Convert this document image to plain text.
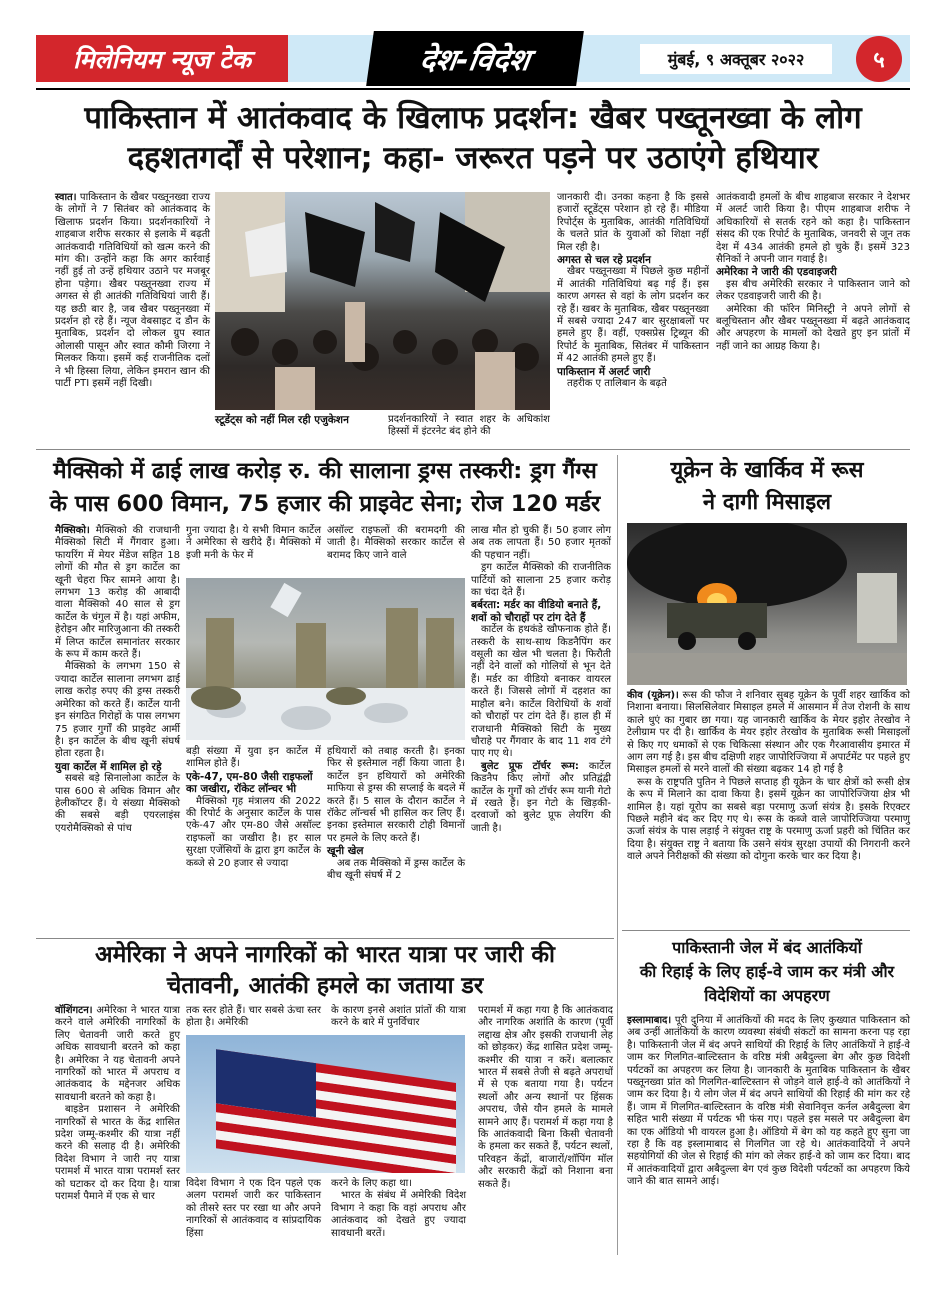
मिलेनियम न्यूज टेक	देश-विदेश	मुंबई, ९ अक्तूबर २०२२	५
पाकिस्तान में आतंकवाद के खिलाफ प्रदर्शन: खैबर पख्तूनख्वा के लोग
दहशतगर्दों से परेशान; कहा- जरूरत पड़ने पर उठाएंगे हथियार

स्वात। पाकिस्तान के खैबर पख्तूनख्वा राज्य के लोगों ने 7 सितंबर को आतंकवाद के खिलाफ प्रदर्शन किया। प्रदर्शनकारियों ने शाहबाज शरीफ सरकार से इलाके में बढ़ती आतंकवादी गतिविधियों को खत्म करने की मांग की। उन्होंने कहा कि अगर कार्रवाई नहीं हुई तो उन्हें हथियार उठाने पर मजबूर होना पड़ेगा। खैबर पख्तूनख्वा राज्य में अगस्त से ही आतंकी गतिविधियां जारी हैं। यह छठी बार है, जब खैबर पख्तूनख्वा में प्रदर्शन हो रहे हैं। न्यूज वेबसाइट द डौन के मुताबिक, प्रदर्शन दो लोकल ग्रुप स्वात ओलासी पासून और स्वात कौमी जिरगा ने मिलकर किया। इसमें कई राजनीतिक दलों ने भी हिस्सा लिया, लेकिन इमरान खान की पार्टी PTI इसमें नहीं दिखी।

स्टूडेंट्स को नहीं मिल रही एजुकेशन	प्रदर्शनकारियों ने स्वात शहर के अधिकांश हिस्सों में इंटरनेट बंद होने की

जानकारी दी। उनका कहना है कि इससे हजारों स्टूडेंट्स परेशान हो रहे हैं। मीडिया रिपोर्ट्स के मुताबिक, आतंकी गतिविधियों के चलते प्रांत के युवाओं को शिक्षा नहीं मिल रही है।

अगस्त से चल रहे प्रदर्शन

खैबर पख्तूनख्वा में पिछले कुछ महीनों में आतंकी गतिविधियां बढ़ गई हैं। इस कारण अगस्त से वहां के लोग प्रदर्शन कर रहे हैं। खबर के मुताबिक, खैबर पख्तूनख्वा में सबसे ज्यादा 247 बार सुरक्षाबलों पर हमले हुए हैं। वहीं, एक्सप्रेस ट्रिब्यून की रिपोर्ट के मुताबिक, सितंबर में पाकिस्तान में 42 आतंकी हमले हुए हैं।

पाकिस्तान में अलर्ट जारी

तहरीक ए तालिबान के बढ़ते

आतंकवादी हमलों के बीच शाहबाज सरकार ने देशभर में अलर्ट जारी किया है। पीएम शाहबाज शरीफ ने अधिकारियों से सतर्क रहने को कहा है। पाकिस्तान संसद की एक रिपोर्ट के मुताबिक, जनवरी से जून तक देश में 434 आतंकी हमले हो चुके हैं। इसमें 323 सैनिकों ने अपनी जान गवाई है।

अमेरिका ने जारी की एडवाइजरी

इस बीच अमेरिकी सरकार ने पाकिस्तान जाने को लेकर एडवाइजरी जारी की है।

अमेरिका की फॉरेन मिनिस्ट्री ने अपने लोगों से बलूचिस्तान और खैबर पख्तूनख्वा में बढ़ते आतंकवाद और अपहरण के मामलों को देखते हुए इन प्रांतों में नहीं जाने का आग्रह किया है।

मैक्सिको में ढाई लाख करोड़ रु. की सालाना ड्रग्स तस्करी: ड्रग गैंग्स
के पास 600 विमान, 75 हजार की प्राइवेट सेना; रोज 120 मर्डर

मैक्सिको। मैक्सिको की राजधानी मैक्सिको सिटी में गैंगवार हुआ। फायरिंग में मेयर मेंडेज सहित 18 लोगों की मौत से ड्रग कार्टेल का खूनी चेहरा फिर सामने आया है। लगभग 13 करोड़ की आबादी वाला मैक्सिको 40 साल से ड्रग कार्टेल के चंगुल में है। यहां अफीम, हेरोइन और मारिजुआना की तस्करी में लिप्त कार्टेल समानांतर सरकार के रूप में काम करते हैं।

मैक्सिको के लगभग 150 से ज्यादा कार्टेल सालाना लगभग ढाई लाख करोड़ रुपए की ड्रग्स तस्करी अमेरिका को करते हैं। कार्टेल यानी इन संगठित गिरोहों के पास लगभग 75 हजार गुर्गों की प्राइवेट आर्मी है। इन कार्टेल के बीच खूनी संघर्ष होता रहता है।

युवा कार्टेल में शामिल हो रहे

सबसे बड़े सिनालोआ कार्टेल के पास 600 से अधिक विमान और हेलीकॉप्टर हैं। ये संख्या मैक्सिको की सबसे बड़ी एयरलाइंस एयरोमैक्सिको से पांच

गुना ज्यादा है। ये सभी विमान कार्टेल ने अमेरिका से खरीदे हैं। मैक्सिको में इजी मनी के फेर में

असॉल्ट राइफलों की बरामदगी की जाती है। मैक्सिको सरकार कार्टेल से बरामद किए जाने वाले

बड़ी संख्या में युवा इन कार्टेल में शामिल होते हैं।

एके-47, एम-80 जैसी राइफलों का जखीरा, रॉकेट लॉन्चर भी

मैक्सिको गृह मंत्रालय की 2022 की रिपोर्ट के अनुसार कार्टेल के पास एके-47 और एम-80 जैसे असॉल्ट राइफलों का जखीरा है। हर साल सुरक्षा एजेंसियों के द्वारा ड्रग कार्टेल के कब्जे से 20 हजार से ज्यादा

हथियारों को तबाह करती है। इनका फिर से इस्तेमाल नहीं किया जाता है। कार्टेल इन हथियारों को अमेरिकी माफिया से ड्रग्स की सप्लाई के बदले में करते हैं। 5 साल के दौरान कार्टेल ने रॉकेट लॉन्चर्स भी हासिल कर लिए हैं। इनका इस्तेमाल सरकारी टोही विमानों पर हमले के लिए करते हैं।

खूनी खेल

अब तक मैक्सिको में ड्रग्स कार्टेल के बीच खूनी संघर्ष में 2

लाख मौत हो चुकी हैं। 50 हजार लोग अब तक लापता हैं। 50 हजार मृतकों की पहचान नहीं।

ड्रग कार्टेल मैक्सिको की राजनीतिक पार्टियों को सालाना 25 हजार करोड़ का चंदा देते हैं।

बर्बरता: मर्डर का वीडियो बनाते हैं, शवों को चौराहों पर टांग देते हैं

कार्टेल के हथकंडे खौफनाक होते हैं। तस्करी के साथ-साथ किडनैपिंग कर वसूली का खेल भी चलता है। फिरौती नहीं देने वालों को गोलियों से भून देते हैं। मर्डर का वीडियो बनाकर वायरल करते हैं। जिससे लोगों में दहशत का माहौल बने। कार्टेल विरोधियों के शवों को चौराहों पर टांग देते हैं। हाल ही में राजधानी मैक्सिको सिटी के मुख्य चौराहे पर गैंगवार के बाद 11 शव टंगे पाए गए थे।

बुलेट प्रूफ टॉर्चर रूम: कार्टेल किडनैप किए लोगों और प्रतिद्वंद्वी कार्टेल के गुर्गों को टॉर्चर रूम यानी गेटो में रखते हैं। इन गेटो के खिड़की-दरवाजों को बुलेट प्रूफ लेयरिंग की जाती है।

यूक्रेन के खार्किव में रूस
ने दागी मिसाइल

कीव (यूक्रेन)। रूस की फौज ने शनिवार सुबह यूक्रेन के पूर्वी शहर खार्किव को निशाना बनाया। सिलसिलेवार मिसाइल हमले में आसमान में तेज रोशनी के साथ काले धुएं का गुबार छा गया। यह जानकारी खार्किव के मेयर इहोर तेरखोव ने टेलीग्राम पर दी है। खार्किव के मेयर इहोर तेरखोव के मुताबिक रूसी मिसाइलों से किए गए धमाकों से एक चिकित्सा संस्थान और एक गैरआवासीय इमारत में आग लग गई है। इस बीच दक्षिणी शहर जापोरिज्जिया में अपार्टमेंट पर पहले हुए मिसाइल हमलों से मरने वालों की संख्या बढ़कर 14 हो गई है

रूस के राष्ट्रपति पुतिन ने पिछले सप्ताह ही यूक्रेन के चार क्षेत्रों को रूसी क्षेत्र के रूप में मिलाने का दावा किया है। इसमें यूक्रेन का जापोरिज्जिया क्षेत्र भी शामिल है। यहां यूरोप का सबसे बड़ा परमाणु ऊर्जा संयंत्र है। इसके रिएक्टर पिछले महीने बंद कर दिए गए थे। रूस के कब्जे वाले जापोरिज्जिया परमाणु ऊर्जा संयंत्र के पास लड़ाई ने संयुक्त राष्ट्र के परमाणु ऊर्जा प्रहरी को चिंतित कर दिया है। संयुक्त राष्ट्र ने बताया कि उसने संयंत्र सुरक्षा उपायों की निगरानी करने वाले अपने निरीक्षकों की संख्या को दोगुना करके चार कर दिया है।

अमेरिका ने अपने नागरिकों को भारत यात्रा पर जारी की
चेतावनी, आतंकी हमले का जताया डर

वॉशिंगटन। अमेरिका ने भारत यात्रा करने वाले अमेरिकी नागरिकों के लिए चेतावनी जारी करते हुए अधिक सावधानी बरतने को कहा है। अमेरिका ने यह चेतावनी अपने नागरिकों को भारत में अपराध व आतंकवाद के मद्देनजर अधिक सावधानी बरतने को कहा है।

बाइडेन प्रशासन ने अमेरिकी नागरिकों से भारत के केंद्र शासित प्रदेश जम्मू-कश्मीर की यात्रा नहीं करने की सलाह दी है। अमेरिकी विदेश विभाग ने जारी नए यात्रा परामर्श में भारत यात्रा परामर्श स्तर को घटाकर दो कर दिया है। यात्रा परामर्श पैमाने में एक से चार

तक स्तर होते हैं। चार सबसे ऊंचा स्तर होता है। अमेरिकी

के कारण इनसे अशांत प्रांतों की यात्रा करने के बारे में पुनर्विचार

विदेश विभाग ने एक दिन पहले एक अलग परामर्श जारी कर पाकिस्तान को तीसरे स्तर पर रखा था और अपने नागरिकों से आतंकवाद व सांप्रदायिक हिंसा

करने के लिए कहा था।

भारत के संबंध में अमेरिकी विदेश विभाग ने कहा कि वहां अपराध और आतंकवाद को देखते हुए ज्यादा सावधानी बरतें।

परामर्श में कहा गया है कि आतंकवाद और नागरिक अशांति के कारण (पूर्वी लद्दाख क्षेत्र और इसकी राजधानी लेह को छोड़कर) केंद्र शासित प्रदेश जम्मू-कश्मीर की यात्रा न करें। बलात्कार भारत में सबसे तेजी से बढ़ते अपराधों में से एक बताया गया है। पर्यटन स्थलों और अन्य स्थानों पर हिंसक अपराध, जैसे यौन हमले के मामले सामने आए हैं। परामर्श में कहा गया है कि आतंकवादी बिना किसी चेतावनी के हमला कर सकते हैं, पर्यटन स्थलों, परिवहन केंद्रों, बाजारों/शॉपिंग मॉल और सरकारी केंद्रों को निशाना बना सकते हैं।

पाकिस्तानी जेल में बंद आतंकियों
की रिहाई के लिए हाई-वे जाम कर मंत्री और
विदेशियों का अपहरण

इस्लामाबाद। पूरी दुनिया में आतंकियों की मदद के लिए कुख्यात पाकिस्तान को अब उन्हीं आतंकियों के कारण व्यवस्था संबंधी संकटों का सामना करना पड़ रहा है। पाकिस्तानी जेल में बंद अपने साथियों की रिहाई के लिए आतंकियों ने हाई-वे जाम कर गिलगित-बाल्टिस्तान के वरिष्ठ मंत्री अबैदुल्ला बेग और कुछ विदेशी पर्यटकों का अपहरण कर लिया है। जानकारी के मुताबिक पाकिस्तान के खैबर पख्तूनख्वा प्रांत को गिलगित-बाल्टिस्तान से जोड़ने वाले हाई-वे को आतंकियों ने जाम कर दिया है। ये लोग जेल में बंद अपने साथियों की रिहाई की मांग कर रहे हैं। जाम में गिलगित-बाल्टिस्तान के वरिष्ठ मंत्री सेवानिवृत्त कर्नल अबैदुल्ला बेग सहित भारी संख्या में पर्यटक भी फंस गए। पहले इस मसले पर अबैदुल्ला बेग का एक ऑडियो भी वायरल हुआ है। ऑडियो में बेग को यह कहते हुए सुना जा रहा है कि वह इस्लामाबाद से गिलगित जा रहे थे। आतंकवादियों ने अपने सहयोगियों की जेल से रिहाई की मांग को लेकर हाई-वे को जाम कर दिया। बाद में आतंकवादियों द्वारा अबैदुल्ला बेग एवं कुछ विदेशी पर्यटकों का अपहरण किये जाने की बात सामने आई।
